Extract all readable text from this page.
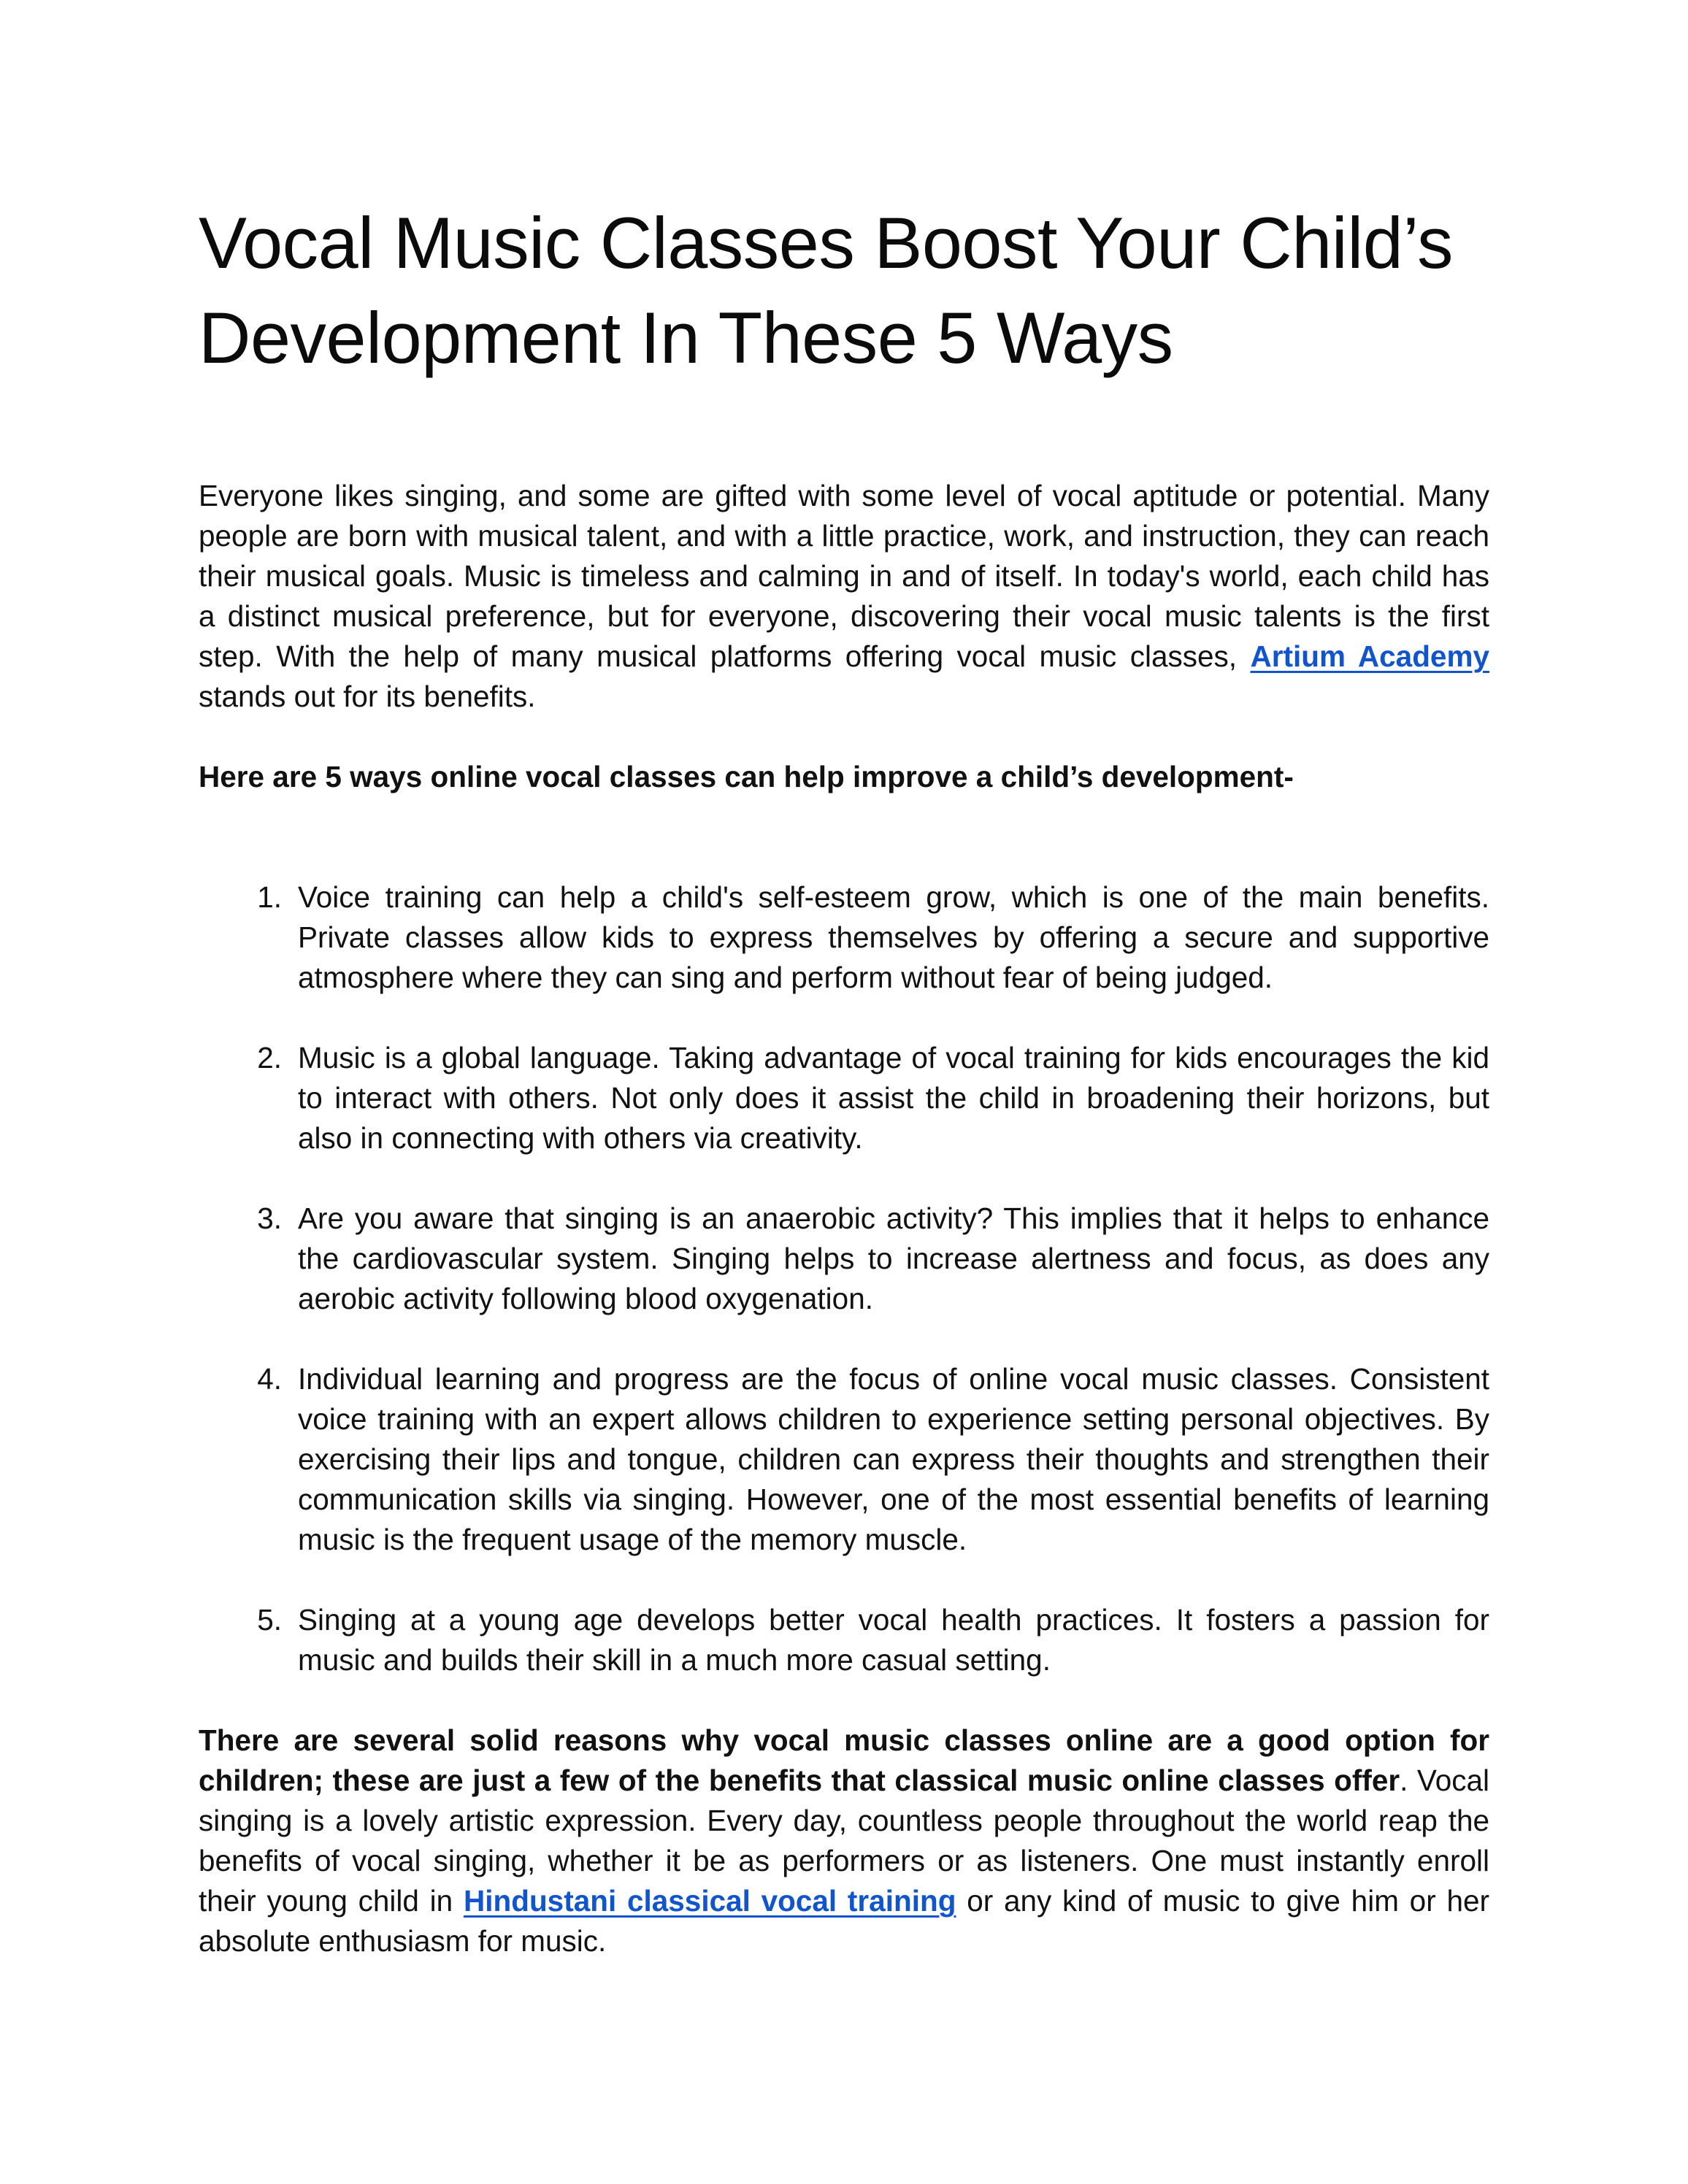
Vocal Music Classes Boost Your Child’s
Development In These 5 Ways

Everyone likes singing, and some are gifted with some level of vocal aptitude or potential. Many people are born with musical talent, and with a little practice, work, and instruction, they can reach their musical goals. Music is timeless and calming in and of itself. In today's world, each child has a distinct musical preference, but for everyone, discovering their vocal music talents is the first step. With the help of many musical platforms offering vocal music classes, Artium Academy stands out for its benefits.

Here are 5 ways online vocal classes can help improve a child’s development-

1. Voice training can help a child's self-esteem grow, which is one of the main benefits. Private classes allow kids to express themselves by offering a secure and supportive atmosphere where they can sing and perform without fear of being judged.
2. Music is a global language. Taking advantage of vocal training for kids encourages the kid to interact with others. Not only does it assist the child in broadening their horizons, but also in connecting with others via creativity.
3. Are you aware that singing is an anaerobic activity? This implies that it helps to enhance the cardiovascular system. Singing helps to increase alertness and focus, as does any aerobic activity following blood oxygenation.
4. Individual learning and progress are the focus of online vocal music classes. Consistent voice training with an expert allows children to experience setting personal objectives. By exercising their lips and tongue, children can express their thoughts and strengthen their communication skills via singing. However, one of the most essential benefits of learning music is the frequent usage of the memory muscle.
5. Singing at a young age develops better vocal health practices. It fosters a passion for music and builds their skill in a much more casual setting.

There are several solid reasons why vocal music classes online are a good option for children; these are just a few of the benefits that classical music online classes offer. Vocal singing is a lovely artistic expression. Every day, countless people throughout the world reap the benefits of vocal singing, whether it be as performers or as listeners. One must instantly enroll their young child in Hindustani classical vocal training or any kind of music to give him or her absolute enthusiasm for music.
